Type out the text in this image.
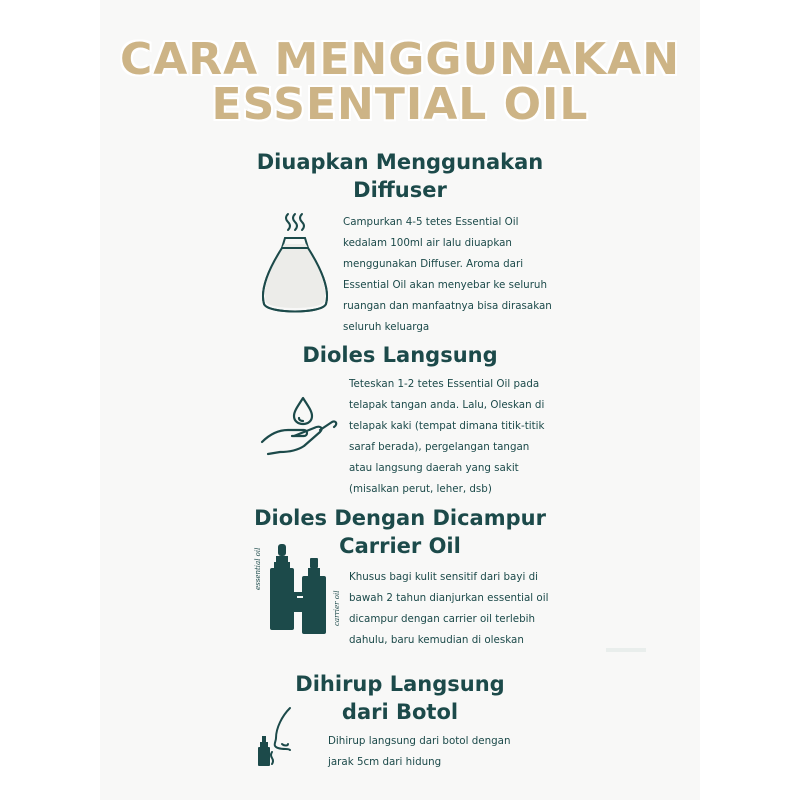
CARA MENGGUNAKAN
ESSENTIAL OIL
Diuapkan Menggunakan
Diffuser
Campurkan 4-5 tetes Essential Oil
kedalam 100ml air lalu diuapkan
menggunakan Diffuser. Aroma dari
Essential Oil akan menyebar ke seluruh
ruangan dan manfaatnya bisa dirasakan
seluruh keluarga
Dioles Langsung
Teteskan 1-2 tetes Essential Oil pada
telapak tangan anda. Lalu, Oleskan di
telapak kaki (tempat dimana titik-titik
saraf berada), pergelangan tangan
atau langsung daerah yang sakit
(misalkan perut, leher, dsb)
Dioles Dengan Dicampur
Carrier Oil
essential oil
carrier oil
Khusus bagi kulit sensitif dari bayi di
bawah 2 tahun dianjurkan essential oil
dicampur dengan carrier oil terlebih
dahulu, baru kemudian di oleskan
Dihirup Langsung
dari Botol
Dihirup langsung dari botol dengan
jarak 5cm dari hidung
